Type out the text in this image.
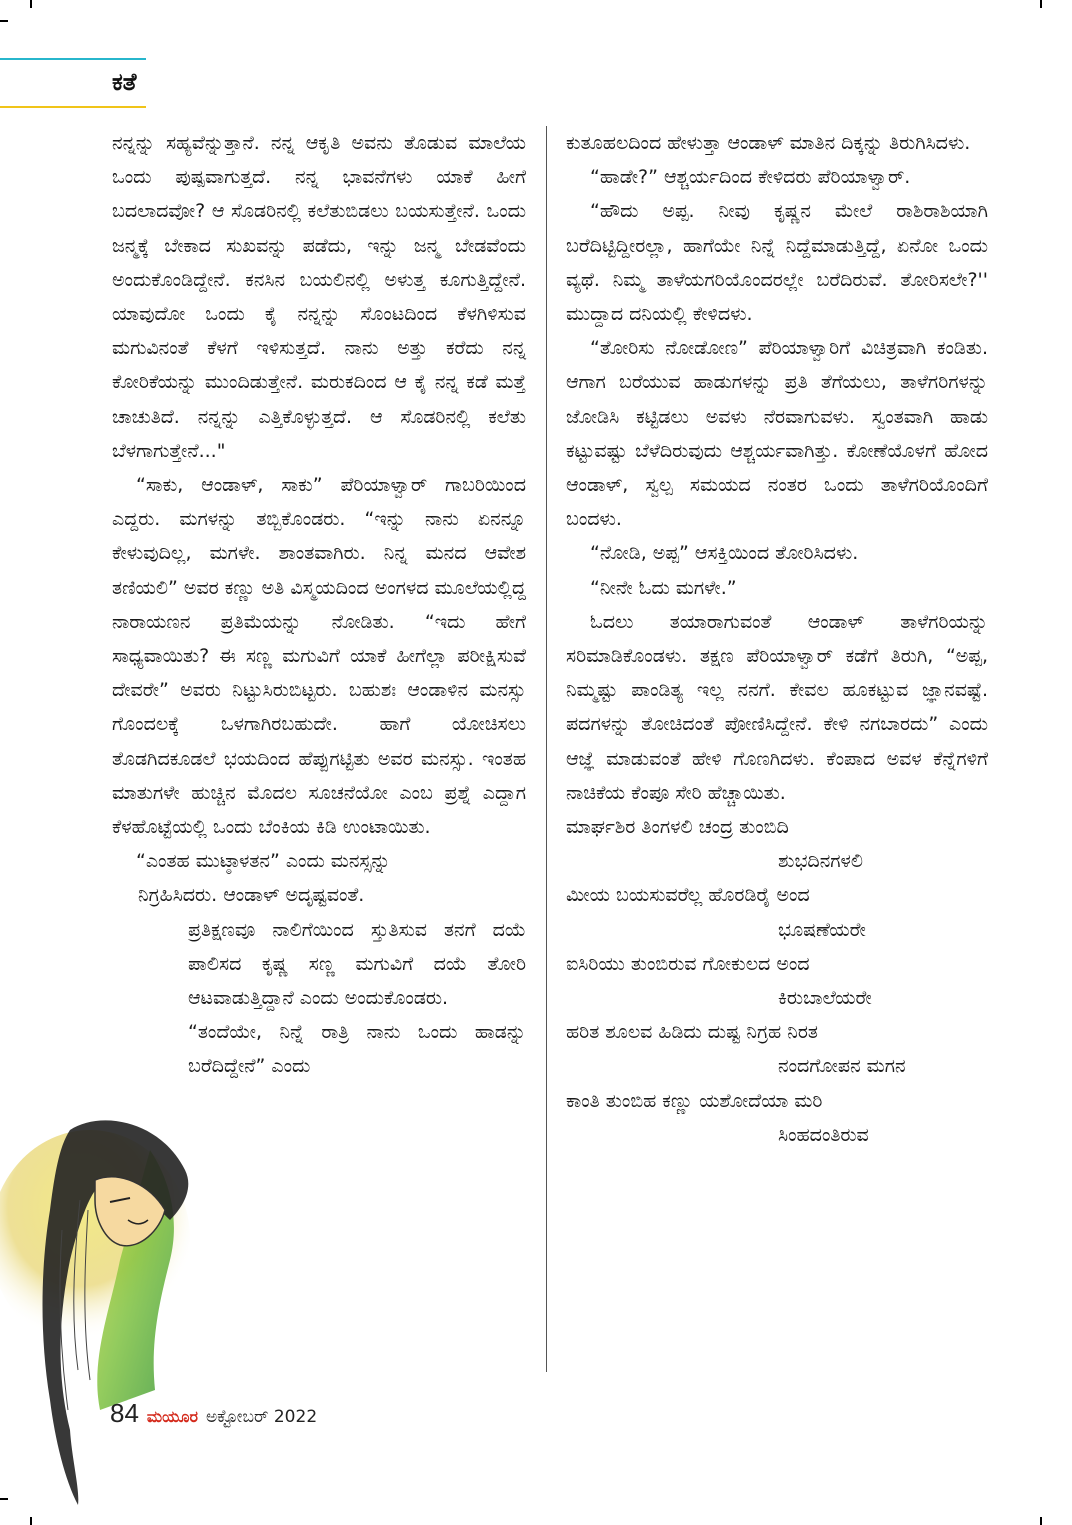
ಕತೆ

ನನ್ನನ್ನು ಸಹ್ಯವೆನ್ನುತ್ತಾನೆ. ನನ್ನ ಆಕೃತಿ ಅವನು ತೊಡುವ ಮಾಲೆಯ ಒಂದು ಪುಷ್ಪವಾಗುತ್ತದೆ. ನನ್ನ ಭಾವನೆಗಳು ಯಾಕೆ ಹೀಗೆ ಬದಲಾದವೋ? ಆ ಸೊಡರಿನಲ್ಲಿ ಕಲೆತುಬಿಡಲು ಬಯಸುತ್ತೇನೆ. ಒಂದು ಜನ್ಮಕ್ಕೆ ಬೇಕಾದ ಸುಖವನ್ನು ಪಡೆದು, ಇನ್ನು ಜನ್ಮ ಬೇಡವೆಂದು ಅಂದುಕೊಂಡಿದ್ದೇನೆ. ಕನಸಿನ ಬಯಲಿನಲ್ಲಿ ಅಳುತ್ತ ಕೂಗುತ್ತಿದ್ದೇನೆ. ಯಾವುದೋ ಒಂದು ಕೈ ನನ್ನನ್ನು ಸೊಂಟದಿಂದ ಕೆಳಗಿಳಿಸುವ ಮಗುವಿನಂತೆ ಕೆಳಗೆ ಇಳಿಸುತ್ತದೆ. ನಾನು ಅತ್ತು ಕರೆದು ನನ್ನ ಕೋರಿಕೆಯನ್ನು ಮುಂದಿಡುತ್ತೇನೆ. ಮರುಕದಿಂದ ಆ ಕೈ ನನ್ನ ಕಡೆ ಮತ್ತೆ ಚಾಚುತಿದೆ. ನನ್ನನ್ನು ಎತ್ತಿಕೊಳ್ಳುತ್ತದೆ. ಆ ಸೊಡರಿನಲ್ಲಿ ಕಲೆತು ಬೆಳಗಾಗುತ್ತೇನೆ..."

“ಸಾಕು, ಆಂಡಾಳ್, ಸಾಕು” ಪೆರಿಯಾಳ್ವಾರ್ ಗಾಬರಿಯಿಂದ ಎದ್ದರು. ಮಗಳನ್ನು ತಬ್ಬಿಕೊಂಡರು. “ಇನ್ನು ನಾನು ಏನನ್ನೂ ಕೇಳುವುದಿಲ್ಲ, ಮಗಳೇ. ಶಾಂತವಾಗಿರು. ನಿನ್ನ ಮನದ ಆವೇಶ ತಣಿಯಲಿ” ಅವರ ಕಣ್ಣು ಅತಿ ವಿಸ್ಮಯದಿಂದ ಅಂಗಳದ ಮೂಲೆಯಲ್ಲಿದ್ದ ನಾರಾಯಣನ ಪ್ರತಿಮೆಯನ್ನು ನೋಡಿತು. “ಇದು ಹೇಗೆ ಸಾಧ್ಯವಾಯಿತು? ಈ ಸಣ್ಣ ಮಗುವಿಗೆ ಯಾಕೆ ಹೀಗೆಲ್ಲಾ ಪರೀಕ್ಷಿಸುವೆ ದೇವರೇ” ಅವರು ನಿಟ್ಟುಸಿರುಬಿಟ್ಟರು. ಬಹುಶಃ ಆಂಡಾಳಿನ ಮನಸ್ಸು ಗೊಂದಲಕ್ಕೆ ಒಳಗಾಗಿರಬಹುದೇ. ಹಾಗೆ ಯೋಚಿಸಲು ತೊಡಗಿದಕೂಡಲೆ ಭಯದಿಂದ ಹೆಪ್ಪುಗಟ್ಟಿತು ಅವರ ಮನಸ್ಸು. ಇಂತಹ ಮಾತುಗಳೇ ಹುಚ್ಚಿನ ಮೊದಲ ಸೂಚನೆಯೋ ಎಂಬ ಪ್ರಶ್ನೆ ಎದ್ದಾಗ ಕೆಳಹೊಟ್ಟೆಯಲ್ಲಿ ಒಂದು ಬೆಂಕಿಯ ಕಿಡಿ ಉಂಟಾಯಿತು.

“ಎಂತಹ ಮುಟ್ಠಾಳತನ” ಎಂದು ಮನಸ್ಸನ್ನು

ನಿಗ್ರಹಿಸಿದರು. ಆಂಡಾಳ್ ಅದೃಷ್ಟವಂತೆ.

ಪ್ರತಿಕ್ಷಣವೂ ನಾಲಿಗೆಯಿಂದ ಸ್ತುತಿಸುವ ತನಗೆ ದಯೆ ಪಾಲಿಸದ ಕೃಷ್ಣ ಸಣ್ಣ ಮಗುವಿಗೆ ದಯೆ ತೋರಿ ಆಟವಾಡುತ್ತಿದ್ದಾನೆ ಎಂದು ಅಂದುಕೊಂಡರು.

“ತಂದೆಯೇ, ನಿನ್ನೆ ರಾತ್ರಿ ನಾನು ಒಂದು ಹಾಡನ್ನು ಬರೆದಿದ್ದೇನೆ” ಎಂದು

ಕುತೂಹಲದಿಂದ ಹೇಳುತ್ತಾ ಆಂಡಾಳ್ ಮಾತಿನ ದಿಕ್ಕನ್ನು ತಿರುಗಿಸಿದಳು.

“ಹಾಡೇ?” ಆಶ್ಚರ್ಯದಿಂದ ಕೇಳಿದರು ಪೆರಿಯಾಳ್ವಾರ್.

“ಹೌದು ಅಪ್ಪ. ನೀವು ಕೃಷ್ಣನ ಮೇಲೆ ರಾಶಿರಾಶಿಯಾಗಿ ಬರೆದಿಟ್ಟಿದ್ದೀರಲ್ಲಾ, ಹಾಗೆಯೇ ನಿನ್ನೆ ನಿದ್ದೆಮಾಡುತ್ತಿದ್ದೆ, ಏನೋ ಒಂದು ವ್ಯಥೆ. ನಿಮ್ಮ ತಾಳೆಯಗರಿಯೊಂದರಲ್ಲೇ ಬರೆದಿರುವೆ. ತೋರಿಸಲೇ?'' ಮುದ್ದಾದ ದನಿಯಲ್ಲಿ ಕೇಳಿದಳು.

“ತೋರಿಸು ನೋಡೋಣ” ಪೆರಿಯಾಳ್ವಾರಿಗೆ ವಿಚಿತ್ರವಾಗಿ ಕಂಡಿತು. ಆಗಾಗ ಬರೆಯುವ ಹಾಡುಗಳನ್ನು ಪ್ರತಿ ತೆಗೆಯಲು, ತಾಳೆಗರಿಗಳನ್ನು ಜೋಡಿಸಿ ಕಟ್ಟಿಡಲು ಅವಳು ನೆರವಾಗುವಳು. ಸ್ವಂತವಾಗಿ ಹಾಡು ಕಟ್ಟುವಷ್ಟು ಬೆಳೆದಿರುವುದು ಆಶ್ಚರ್ಯವಾಗಿತ್ತು. ಕೋಣೆಯೊಳಗೆ ಹೋದ ಆಂಡಾಳ್, ಸ್ವಲ್ಪ ಸಮಯದ ನಂತರ ಒಂದು ತಾಳೆಗರಿಯೊಂದಿಗೆ ಬಂದಳು.

“ನೋಡಿ, ಅಪ್ಪ” ಆಸಕ್ತಿಯಿಂದ ತೋರಿಸಿದಳು.

“ನೀನೇ ಓದು ಮಗಳೇ.”

ಓದಲು ತಯಾರಾಗುವಂತೆ ಆಂಡಾಳ್ ತಾಳೆಗರಿಯನ್ನು ಸರಿಮಾಡಿಕೊಂಡಳು. ತಕ್ಷಣ ಪೆರಿಯಾಳ್ವಾರ್ ಕಡೆಗೆ ತಿರುಗಿ, “ಅಪ್ಪ, ನಿಮ್ಮಷ್ಟು ಪಾಂಡಿತ್ಯ ಇಲ್ಲ ನನಗೆ. ಕೇವಲ ಹೂಕಟ್ಟುವ ಜ್ಞಾನವಷ್ಟೆ. ಪದಗಳನ್ನು ತೋಚಿದಂತೆ ಪೋಣಿಸಿದ್ದೇನೆ. ಕೇಳಿ ನಗಬಾರದು” ಎಂದು ಆಜ್ಞೆ ಮಾಡುವಂತೆ ಹೇಳಿ ಗೊಣಗಿದಳು. ಕೆಂಪಾದ ಅವಳ ಕೆನ್ನೆಗಳಿಗೆ ನಾಚಿಕೆಯ ಕೆಂಪೂ ಸೇರಿ ಹೆಚ್ಚಾಯಿತು.

ಮಾರ್ಘಶಿರ ತಿಂಗಳಲಿ ಚಂದ್ರ ತುಂಬಿದಿ

ಶುಭದಿನಗಳಲಿ

ಮೀಯ ಬಯಸುವರೆಲ್ಲ ಹೊರಡಿರೈ ಅಂದ

ಭೂಷಣೆಯರೇ

ಐಸಿರಿಯು ತುಂಬಿರುವ ಗೋಕುಲದ ಅಂದ

ಕಿರುಬಾಲೆಯರೇ

ಹರಿತ ಶೂಲವ ಹಿಡಿದು ದುಷ್ಟ ನಿಗ್ರಹ ನಿರತ

ನಂದಗೋಪನ ಮಗನ

ಕಾಂತಿ ತುಂಬಿಹ ಕಣ್ಣು ಯಶೋದೆಯಾ ಮರಿ

ಸಿಂಹದಂತಿರುವ

84 ಮಯೂರ ಅಕ್ಟೋಬರ್ 2022
